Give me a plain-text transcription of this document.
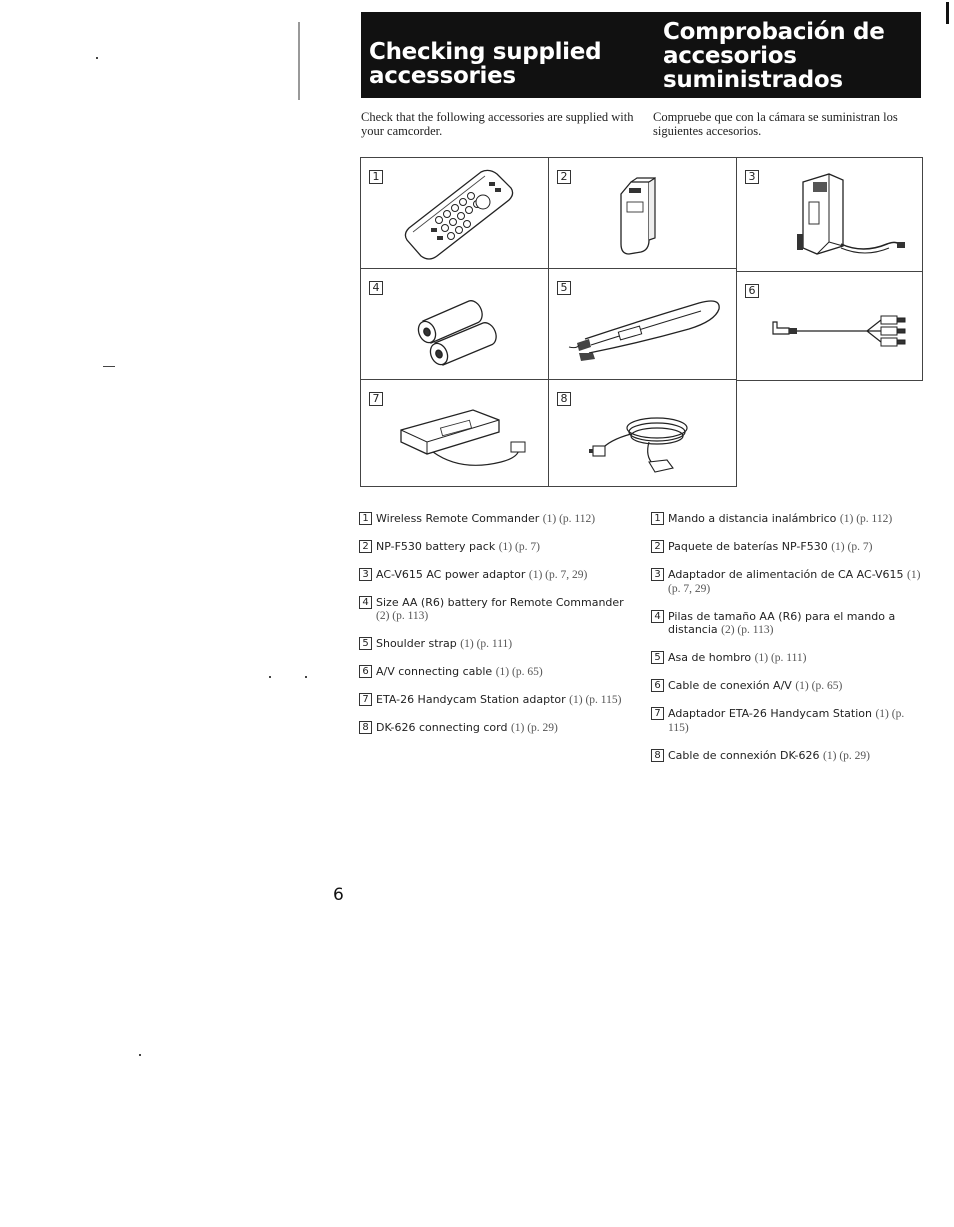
Checking supplied accessories
Comprobación de accesorios suministrados
Check that the following accessories are supplied with your camcorder.
Compruebe que con la cámara se suministran los siguientes accesorios.
1	2	3
4	5	6
7	8
1 Wireless Remote Commander (1) (p. 112)
2 NP-F530 battery pack (1) (p. 7)
3 AC-V615 AC power adaptor (1) (p. 7, 29)
4 Size AA (R6) battery for Remote Commander (2) (p. 113)
5 Shoulder strap (1) (p. 111)
6 A/V connecting cable (1) (p. 65)
7 ETA-26 Handycam Station adaptor (1) (p. 115)
8 DK-626 connecting cord (1) (p. 29)
1 Mando a distancia inalámbrico (1) (p. 112)
2 Paquete de baterías NP-F530 (1) (p. 7)
3 Adaptador de alimentación de CA AC-V615 (1) (p. 7, 29)
4 Pilas de tamaño AA (R6) para el mando a distancia (2) (p. 113)
5 Asa de hombro (1) (p. 111)
6 Cable de conexión A/V (1) (p. 65)
7 Adaptador ETA-26 Handycam Station (1) (p. 115)
8 Cable de connexión DK-626 (1) (p. 29)
6
